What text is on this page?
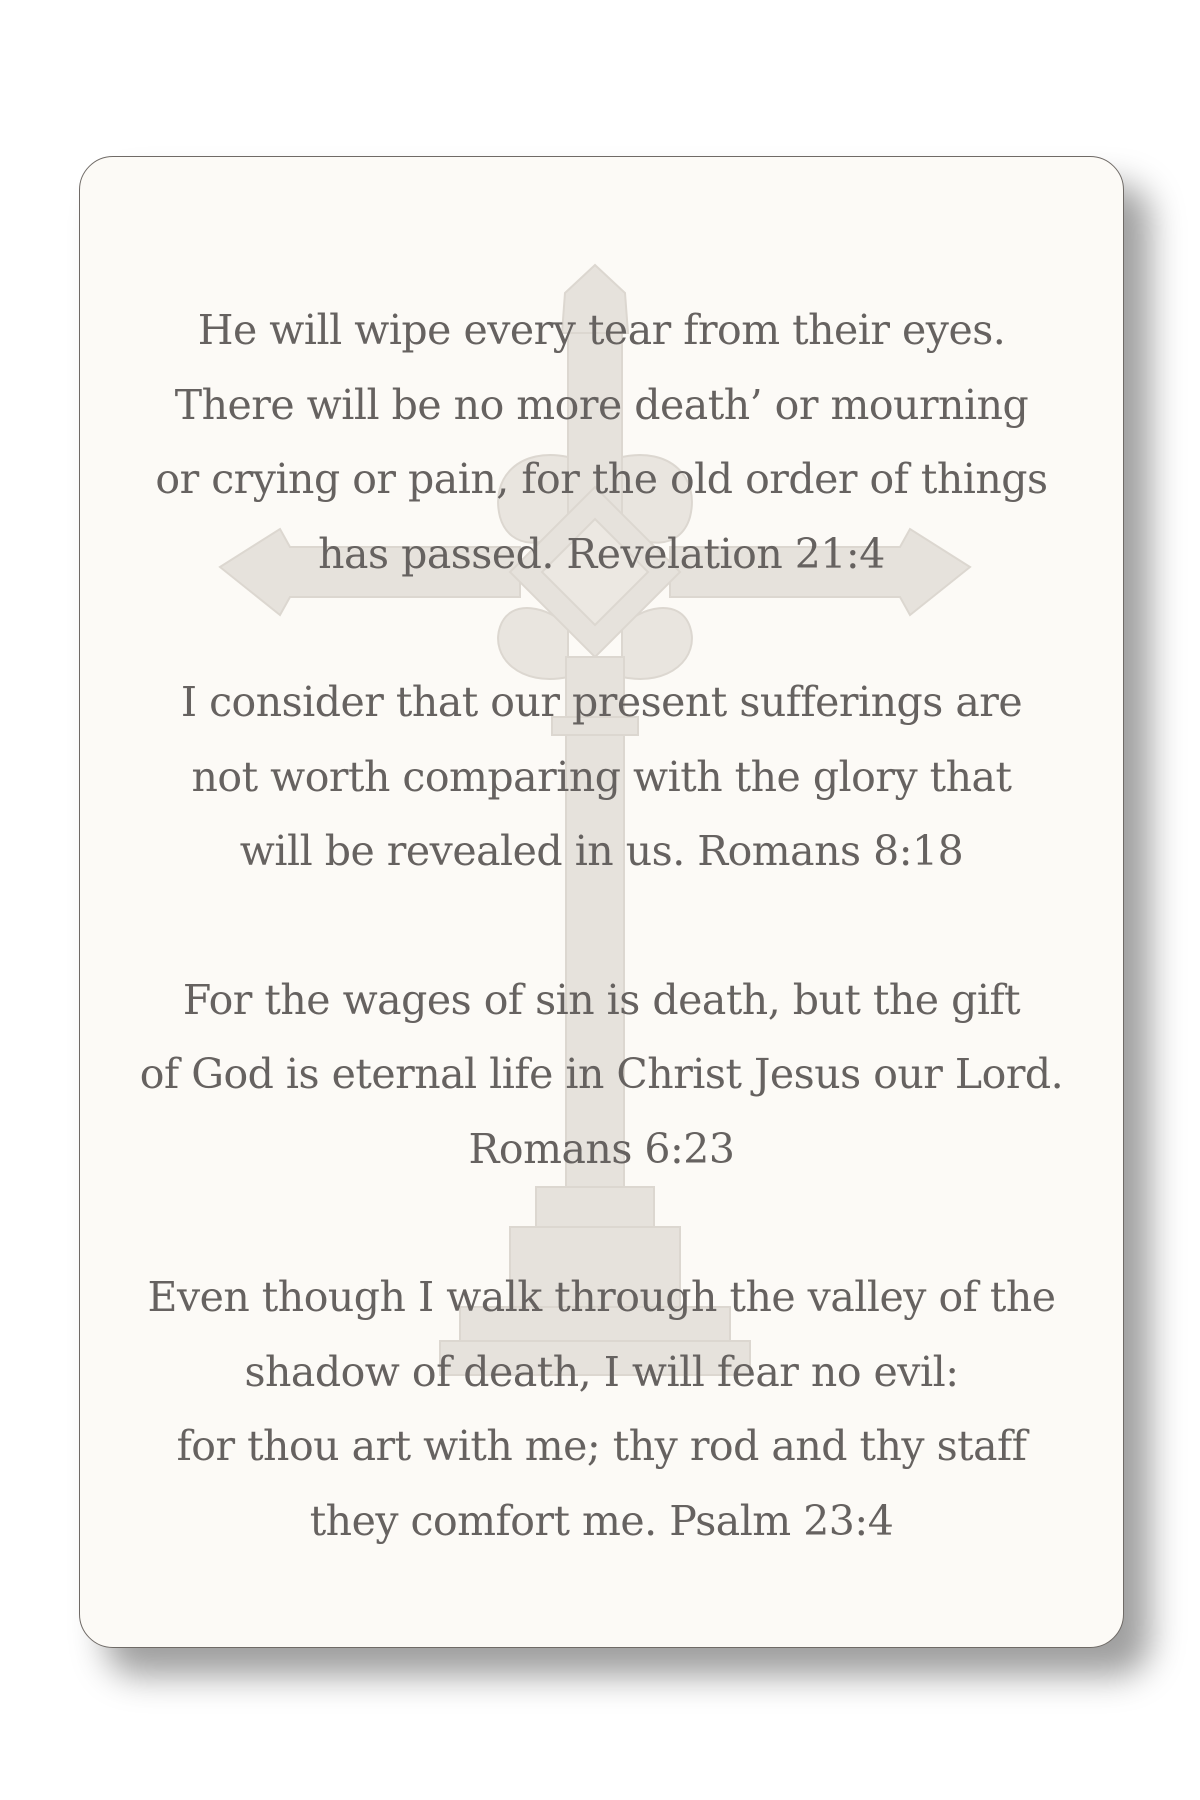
He will wipe every tear from their eyes.
There will be no more death’ or mourning
or crying or pain, for the old order of things
has passed. Revelation 21:4
I consider that our present sufferings are
not worth comparing with the glory that
will be revealed in us. Romans 8:18
For the wages of sin is death, but the gift
of God is eternal life in Christ Jesus our Lord.
Romans 6:23
Even though I walk through the valley of the
shadow of death, I will fear no evil:
for thou art with me; thy rod and thy staff
they comfort me. Psalm 23:4
